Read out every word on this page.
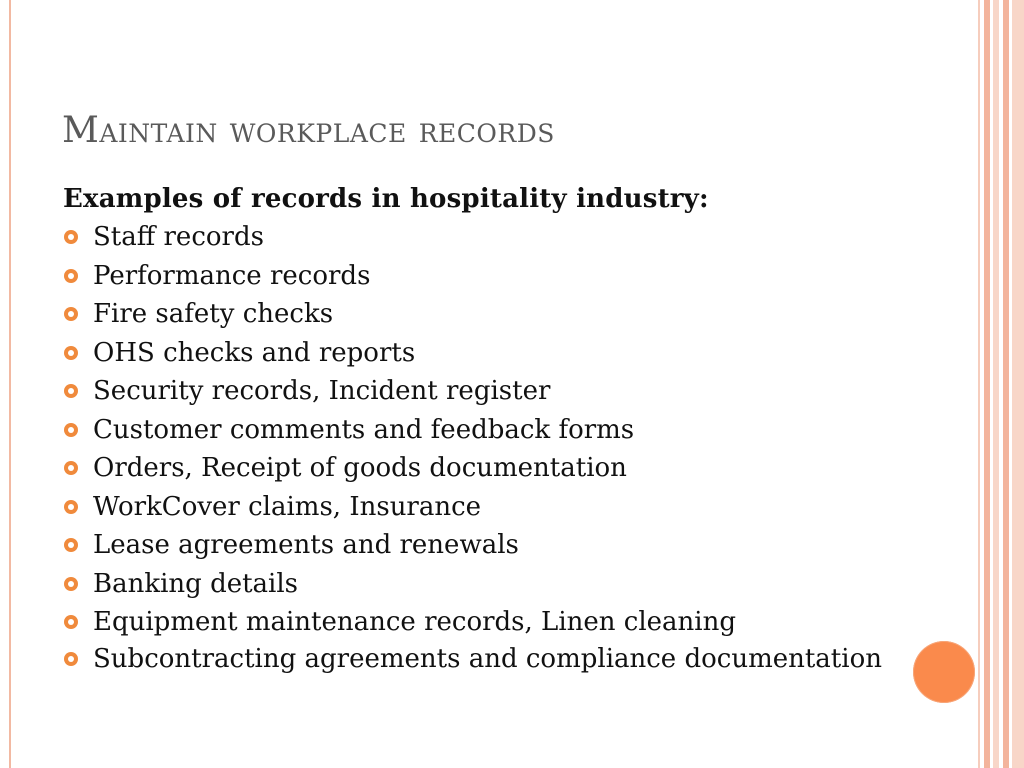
Maintain workplace records

Examples of records in hospitality industry:

Staff records
Performance records
Fire safety checks
OHS checks and reports
Security records, Incident register
Customer comments and feedback forms
Orders, Receipt of goods documentation
WorkCover claims, Insurance
Lease agreements and renewals
Banking details
Equipment maintenance records, Linen cleaning
Subcontracting agreements and compliance documentation
